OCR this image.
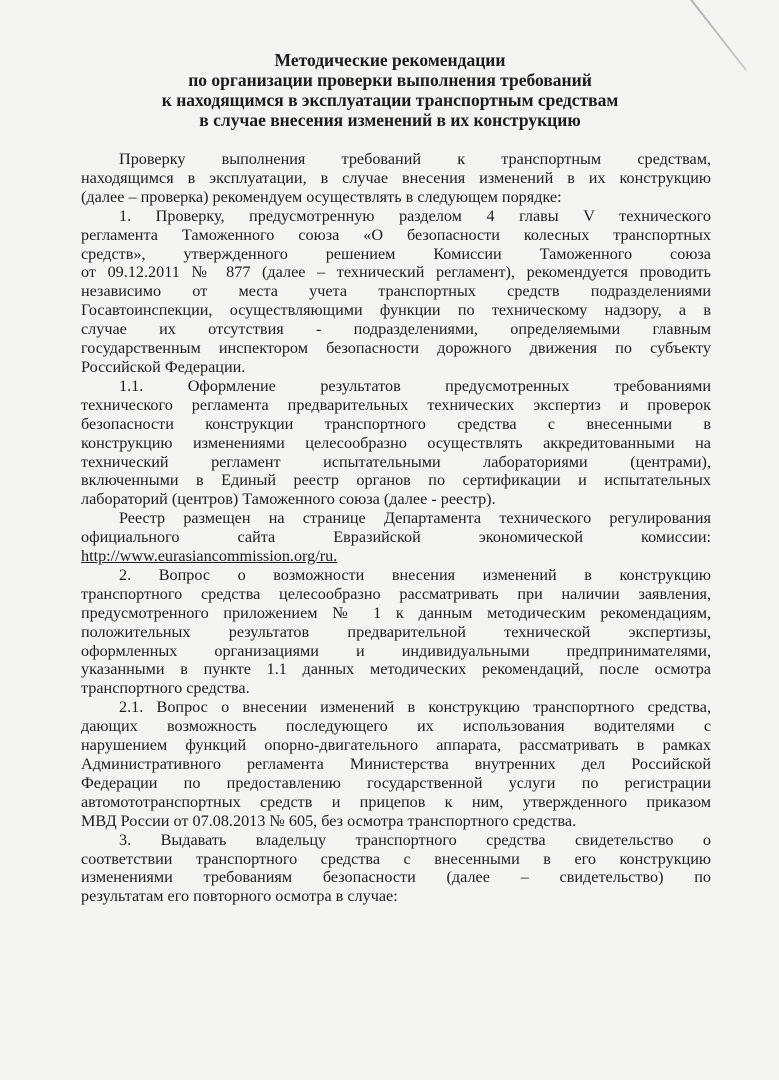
Методические рекомендации
по организации проверки выполнения требований
к находящимся в эксплуатации транспортным средствам
в случае внесения изменений в их конструкцию

Проверку выполнения требований к транспортным средствам,
находящимся в эксплуатации, в случае внесения изменений в их конструкцию
(далее – проверка) рекомендуем осуществлять в следующем порядке:

1. Проверку, предусмотренную разделом 4 главы V технического
регламента Таможенного союза «О безопасности колесных транспортных
средств», утвержденного решением Комиссии Таможенного союза
от 09.12.2011 № 877 (далее – технический регламент), рекомендуется проводить
независимо от места учета транспортных средств подразделениями
Госавтоинспекции, осуществляющими функции по техническому надзору, а в
случае их отсутствия - подразделениями, определяемыми главным
государственным инспектором безопасности дорожного движения по субъекту
Российской Федерации.

1.1. Оформление результатов предусмотренных требованиями
технического регламента предварительных технических экспертиз и проверок
безопасности конструкции транспортного средства с внесенными в
конструкцию изменениями целесообразно осуществлять аккредитованными на
технический регламент испытательными лабораториями (центрами),
включенными в Единый реестр органов по сертификации и испытательных
лабораторий (центров) Таможенного союза (далее - реестр).

Реестр размещен на странице Департамента технического регулирования
официального сайта Евразийской экономической комиссии:
http://www.eurasiancommission.org/ru.

2. Вопрос о возможности внесения изменений в конструкцию
транспортного средства целесообразно рассматривать при наличии заявления,
предусмотренного приложением № 1 к данным методическим рекомендациям,
положительных результатов предварительной технической экспертизы,
оформленных организациями и индивидуальными предпринимателями,
указанными в пункте 1.1 данных методических рекомендаций, после осмотра
транспортного средства.

2.1. Вопрос о внесении изменений в конструкцию транспортного средства,
дающих возможность последующего их использования водителями с
нарушением функций опорно-двигательного аппарата, рассматривать в рамках
Административного регламента Министерства внутренних дел Российской
Федерации по предоставлению государственной услуги по регистрации
автомототранспортных средств и прицепов к ним, утвержденного приказом
МВД России от 07.08.2013 № 605, без осмотра транспортного средства.

3. Выдавать владельцу транспортного средства свидетельство о
соответствии транспортного средства с внесенными в его конструкцию
изменениями требованиям безопасности (далее – свидетельство) по
результатам его повторного осмотра в случае:
